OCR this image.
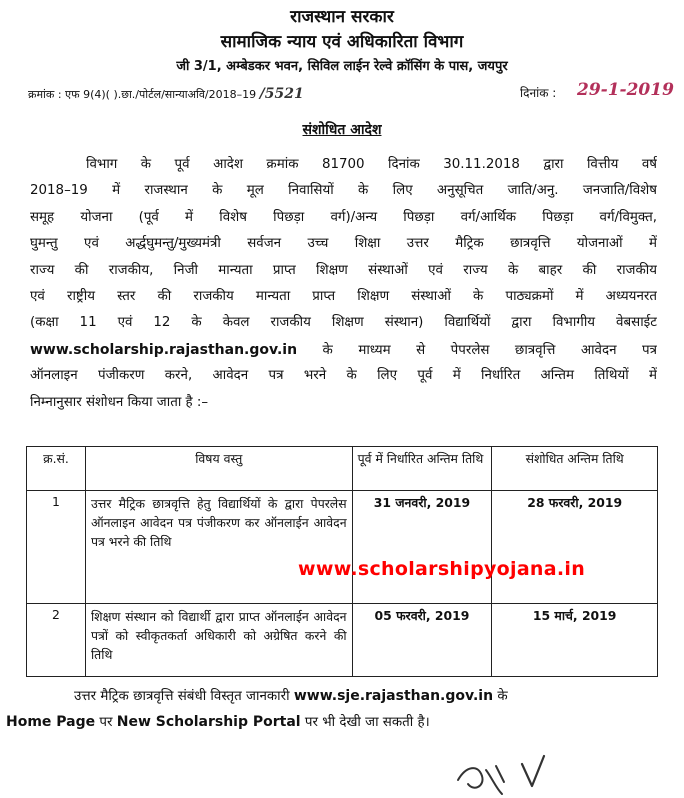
राजस्थान सरकार
सामाजिक न्याय एवं अधिकारिता विभाग
जी 3/1, अम्बेडकर भवन, सिविल लाईन रेल्वे क्रॉसिंग के पास, जयपुर
क्रमांक : एफ 9(4)( ).छा./पोर्टल/सान्याअवि/2018–19 /5521	दिनांक : 29-1-2019
संशोधित आदेश
विभाग के पूर्व आदेश क्रमांक 81700 दिनांक 30.11.2018 द्वारा वित्तीय वर्ष
2018–19 में राजस्थान के मूल निवासियों के लिए अनुसूचित जाति/अनु. जनजाति/विशेष
समूह योजना (पूर्व में विशेष पिछड़ा वर्ग)/अन्य पिछड़ा वर्ग/आर्थिक पिछड़ा वर्ग/विमुक्त,
घुमन्तु एवं अर्द्धघुमन्तु/मुख्यमंत्री सर्वजन उच्च शिक्षा उत्तर मैट्रिक छात्रवृत्ति योजनाओं में
राज्य की राजकीय, निजी मान्यता प्राप्त शिक्षण संस्थाओं एवं राज्य के बाहर की राजकीय
एवं राष्ट्रीय स्तर की राजकीय मान्यता प्राप्त शिक्षण संस्थाओं के पाठ्यक्रमों में अध्ययनरत
(कक्षा 11 एवं 12 के केवल राजकीय शिक्षण संस्थान) विद्यार्थियों द्वारा विभागीय वेबसाईट
www.scholarship.rajasthan.gov.in के माध्यम से पेपरलेस छात्रवृत्ति आवेदन पत्र
ऑनलाइन पंजीकरण करने, आवेदन पत्र भरने के लिए पूर्व में निर्धारित अन्तिम तिथियों में
निम्नानुसार संशोधन किया जाता है :–
क्र.सं.	विषय वस्तु	पूर्व में निर्धारित अन्तिम तिथि	संशोधित अन्तिम तिथि
1	उत्तर मैट्रिक छात्रवृत्ति हेतु विद्यार्थियों के द्वारा पेपरलेस ऑनलाइन आवेदन पत्र पंजीकरण कर ऑनलाईन आवेदन पत्र भरने की तिथि	31 जनवरी, 2019	28 फरवरी, 2019
2	शिक्षण संस्थान को विद्यार्थी द्वारा प्राप्त ऑनलाईन आवेदन पत्रों को स्वीकृतकर्ता अधिकारी को अग्रेषित करने की तिथि	05 फरवरी, 2019	15 मार्च, 2019
www.scholarshipyojana.in
उत्तर मैट्रिक छात्रवृत्ति संबंधी विस्तृत जानकारी www.sje.rajasthan.gov.in के
Home Page पर New Scholarship Portal पर भी देखी जा सकती है।
